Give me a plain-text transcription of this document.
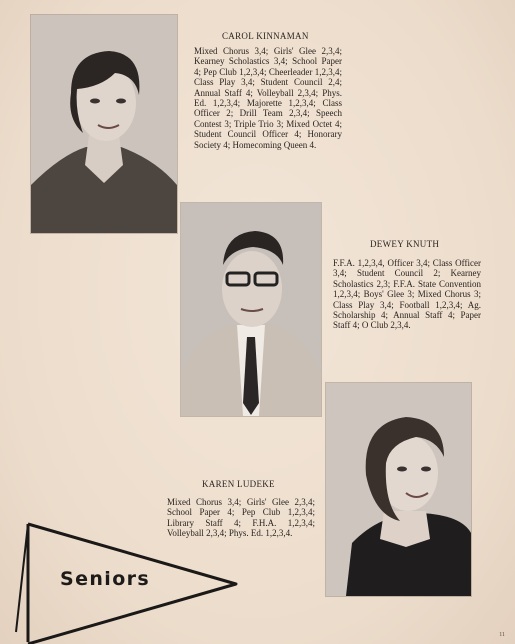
CAROL KINNAMAN
Mixed Chorus 3,4; Girls' Glee 2,3,4; Kearney Scholastics 3,4; School Paper 4; Pep Club 1,2,3,4; Cheerleader 1,2,3,4; Class Play 3,4; Student Council 2,4; Annual Staff 4; Volleyball 2,3,4; Phys. Ed. 1,2,3,4; Majorette 1,2,3,4; Class Officer 2; Drill Team 2,3,4; Speech Contest 3; Triple Trio 3; Mixed Octet 4; Student Council Officer 4; Honorary Society 4; Homecoming Queen 4.
DEWEY KNUTH
F.F.A. 1,2,3,4, Officer 3,4; Class Officer 3,4; Student Council 2; Kearney Scholastics 2,3; F.F.A. State Convention 1,2,3,4; Boys' Glee 3; Mixed Chorus 3; Class Play 3,4; Football 1,2,3,4; Ag. Scholarship 4; Annual Staff 4; Paper Staff 4; O Club 2,3,4.
KAREN LUDEKE
Mixed Chorus 3,4; Girls' Glee 2,3,4; School Paper 4; Pep Club 1,2,3,4; Library Staff 4; F.H.A. 1,2,3,4; Volleyball 2,3,4; Phys. Ed. 1,2,3,4.
Seniors
11
